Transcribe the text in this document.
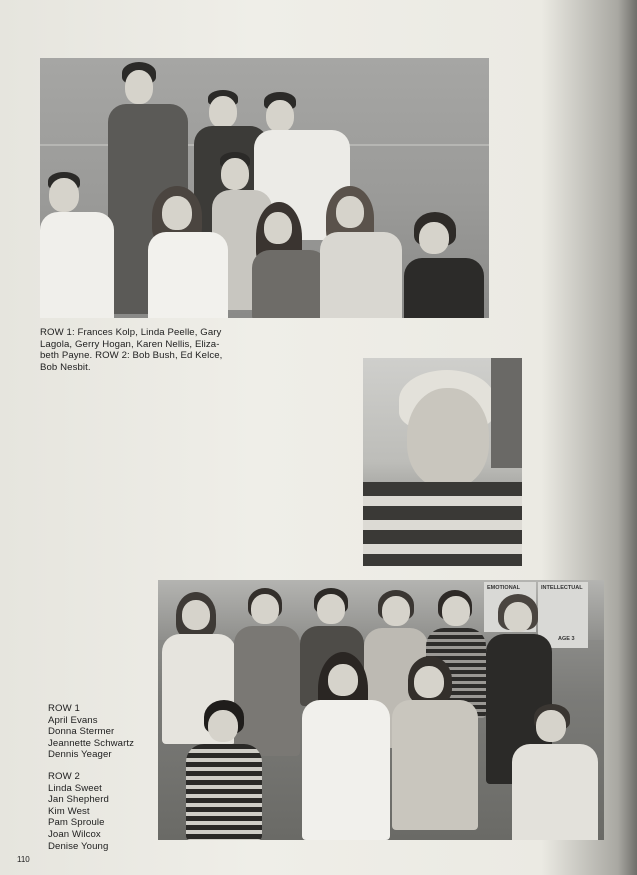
ROW 1: Frances Kolp, Linda Peelle, Gary
Lagola, Gerry Hogan, Karen Nellis, Eliza-
beth Payne. ROW 2: Bob Bush, Ed Kelce,
Bob Nesbit.
EMOTIONAL	INTELLECTUAL
AGE 3
ROW 1
April Evans
Donna Stermer
Jeannette Schwartz
Dennis Yeager
ROW 2
Linda Sweet
Jan Shepherd
Kim West
Pam Sproule
Joan Wilcox
Denise Young
110
